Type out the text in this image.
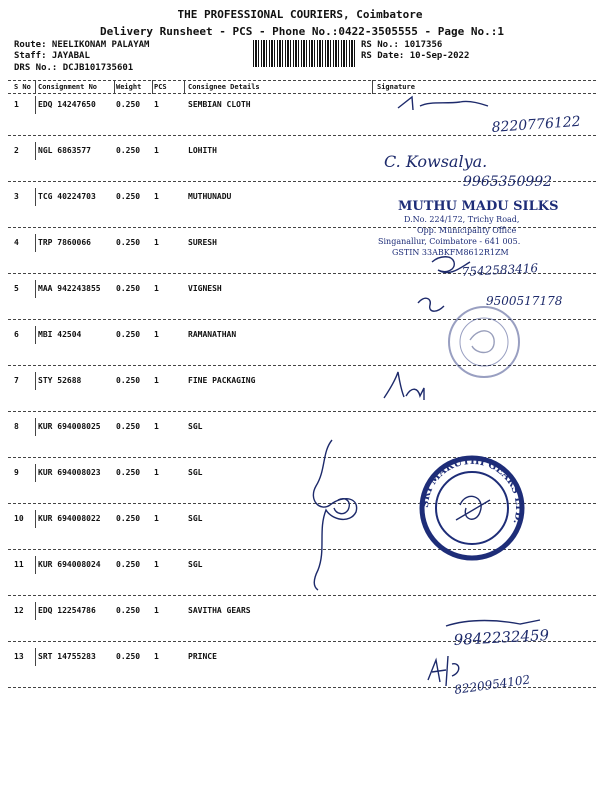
THE PROFESSIONAL COURIERS, Coimbatore
Delivery Runsheet - PCS - Phone No.:0422-3505555 - Page No.:1
Route: NEELIKONAM PALAYAM
Staff: JAYABAL
DRS No.: DCJB101735601
RS No.: 1017356
RS Date: 10-Sep-2022
S No Consignment No	Weight PCS	Consignee Details	Signature
1 EDQ 14247650	0.250 1	SEMBIAN CLOTH
2 NGL 6863577	0.250 1	LOHITH
3 TCG 40224703	0.250 1	MUTHUNADU
4 TRP 7860066	0.250 1	SURESH
5 MAA 942243855 0.250 1	VIGNESH
6 MBI 42504	0.250 1	RAMANATHAN
7 STY 52688	0.250 1	FINE PACKAGING
8 KUR 694008025 0.250 1	SGL
9 KUR 694008023 0.250 1	SGL
10 KUR 694008022 0.250 1	SGL
11 KUR 694008024 0.250 1	SGL
12 EDQ 12254786	0.250 1	SAVITHA GEARS
13 SRT 14755283	0.250 1	PRINCE
8220776122
C. Kowsalya.
9965350992
MUTHU MADU SILKS
D.No. 224/172, Trichy Road,
Opp. Municipality Office
Singanallur, Coimbatore - 641 005.
GSTIN 33ABKFM8612R1ZM
7542583416
9500517178
SRI MARUTHI GEARS LTD.
9842232459
8220954102
